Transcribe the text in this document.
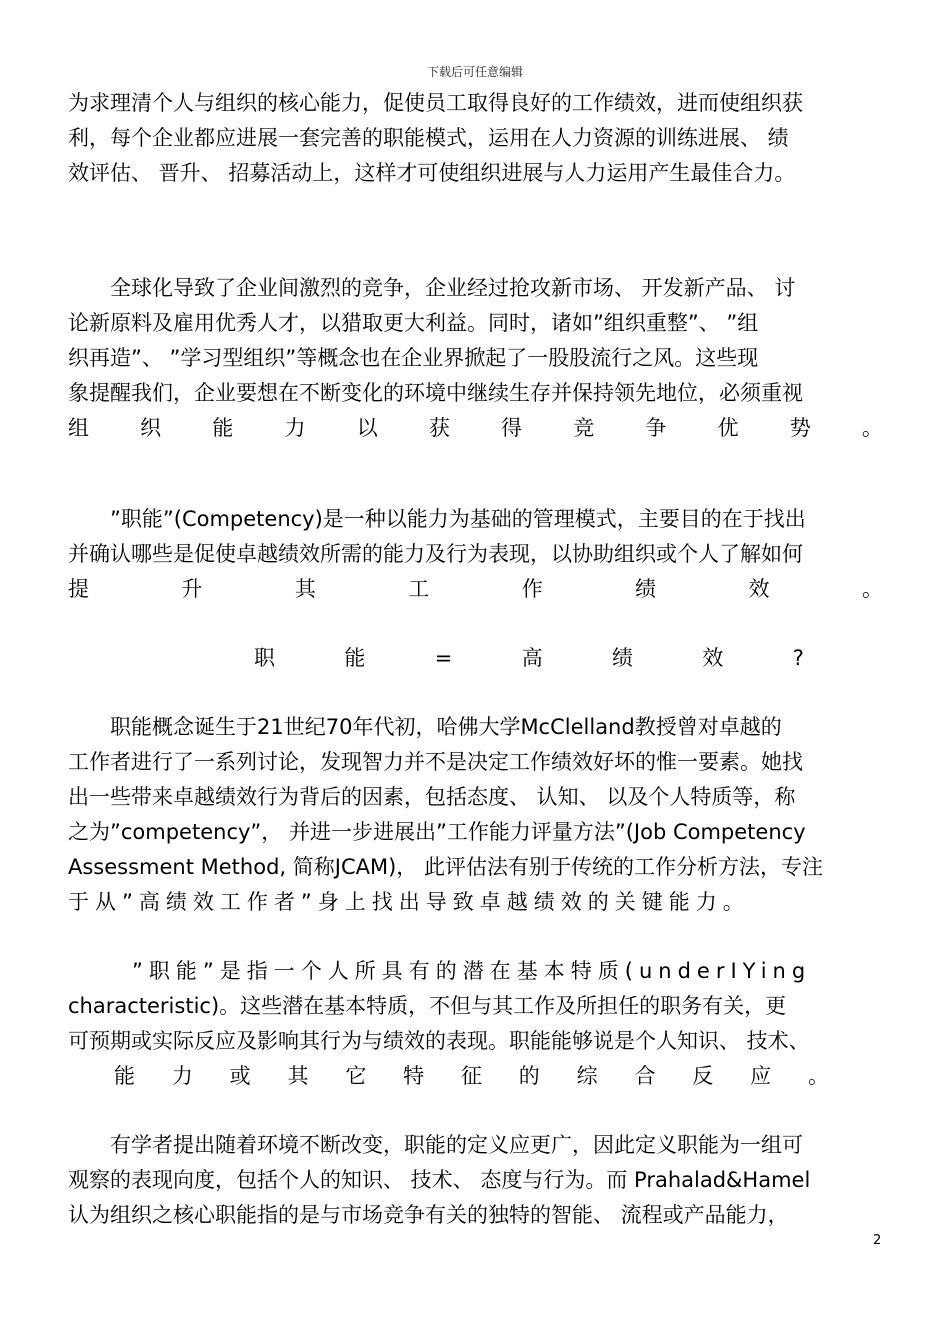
下载后可任意编辑
为求理清个人与组织的核心能力，促使员工取得良好的工作绩效，进而使组织获
利，每个企业都应进展一套完善的职能模式，运用在人力资源的训练进展、 绩
效评估、 晋升、 招募活动上，这样才可使组织进展与人力运用产生最佳合力。
全球化导致了企业间激烈的竞争，企业经过抢攻新市场、 开发新产品、 讨
论新原料及雇用优秀人才，以猎取更大利益。同时，诸如”组织重整”、 ”组
织再造”、 ”学习型组织”等概念也在企业界掀起了一股股流行之风。这些现
象提醒我们，企业要想在不断变化的环境中继续生存并保持领先地位，必须重视
组 织 能 力 以 获 得 竞 争 优 势 。
”职能”(Competency)是一种以能力为基础的管理模式，主要目的在于找出
并确认哪些是促使卓越绩效所需的能力及行为表现，以协助组织或个人了解如何
提	升	其	工	作	绩	效	。
职	能	=	高	绩	效	?
职能概念诞生于21世纪70年代初，哈佛大学McClelland教授曾对卓越的
工作者进行了一系列讨论，发现智力并不是决定工作绩效好坏的惟一要素。她找
出一些带来卓越绩效行为背后的因素，包括态度、 认知、 以及个人特质等，称
之为”competency”， 并进一步进展出”工作能力评量方法”(Job Competency
Assessment Method, 简称JCAM)， 此评估法有别于传统的工作分析方法，专注
于从”高绩效工作者”身上找出导致卓越绩效的关键能力。
”职能”是指一个人所具有的潜在基本特质(underIYing
characteristic)。这些潜在基本特质，不但与其工作及所担任的职务有关，更
可预期或实际反应及影响其行为与绩效的表现。职能能够说是个人知识、 技术、
能 力 或 其 它 特 征 的 综 合 反 应 。
有学者提出随着环境不断改变，职能的定义应更广，因此定义职能为一组可
观察的表现向度，包括个人的知识、 技术、 态度与行为。而 Prahalad&Hamel
认为组织之核心职能指的是与市场竞争有关的独特的智能、 流程或产品能力，
2
